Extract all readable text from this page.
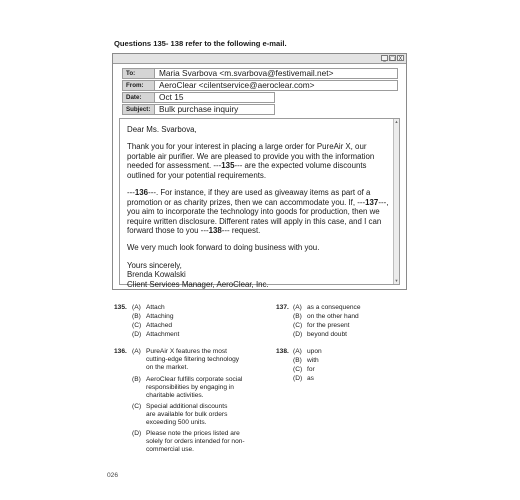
Questions 135- 138 refer to the following e-mail.
_ □ X
To:	Maria Svarbova <m.svarbova@festivemail.net>
From:	AeroClear <cilentservice@aeroclear.com>
Date:	Oct 15
Subject:	Bulk purchase inquiry
▲
▼

Dear Ms. Svarbova,

Thank you for your interest in placing a large order for PureAir X, our portable air purifier. We are pleased to provide you with the information needed for assessment. ---135--- are the expected volume discounts outlined for your potential requirements.

---136---. For instance, if they are used as giveaway items as part of a promotion or as charity prizes, then we can accommodate you. If, ---137---, you aim to incorporate the technology into goods for production, then we require written disclosure. Different rates will apply in this case, and I can forward those to you ---138--- request.

We very much look forward to doing business with you.

Yours sincerely,
Brenda Kowalski
Client Services Manager, AeroClear, Inc.
135. (A) Attach
(B) Attaching
(C) Attached
(D) Attachment
136. (A) PureAir X features the most
cutting-edge filtering technology
on the market.
(B) AeroClear fulfills corporate social
responsibilities by engaging in
charitable activities.
(C) Special additional discounts
are available for bulk orders
exceeding 500 units.
(D) Please note the prices listed are
solely for orders intended for non-
commercial use.
137. (A) as a consequence
(B) on the other hand
(C) for the present
(D) beyond doubt
138. (A) upon
(B) with
(C) for
(D) as
026
